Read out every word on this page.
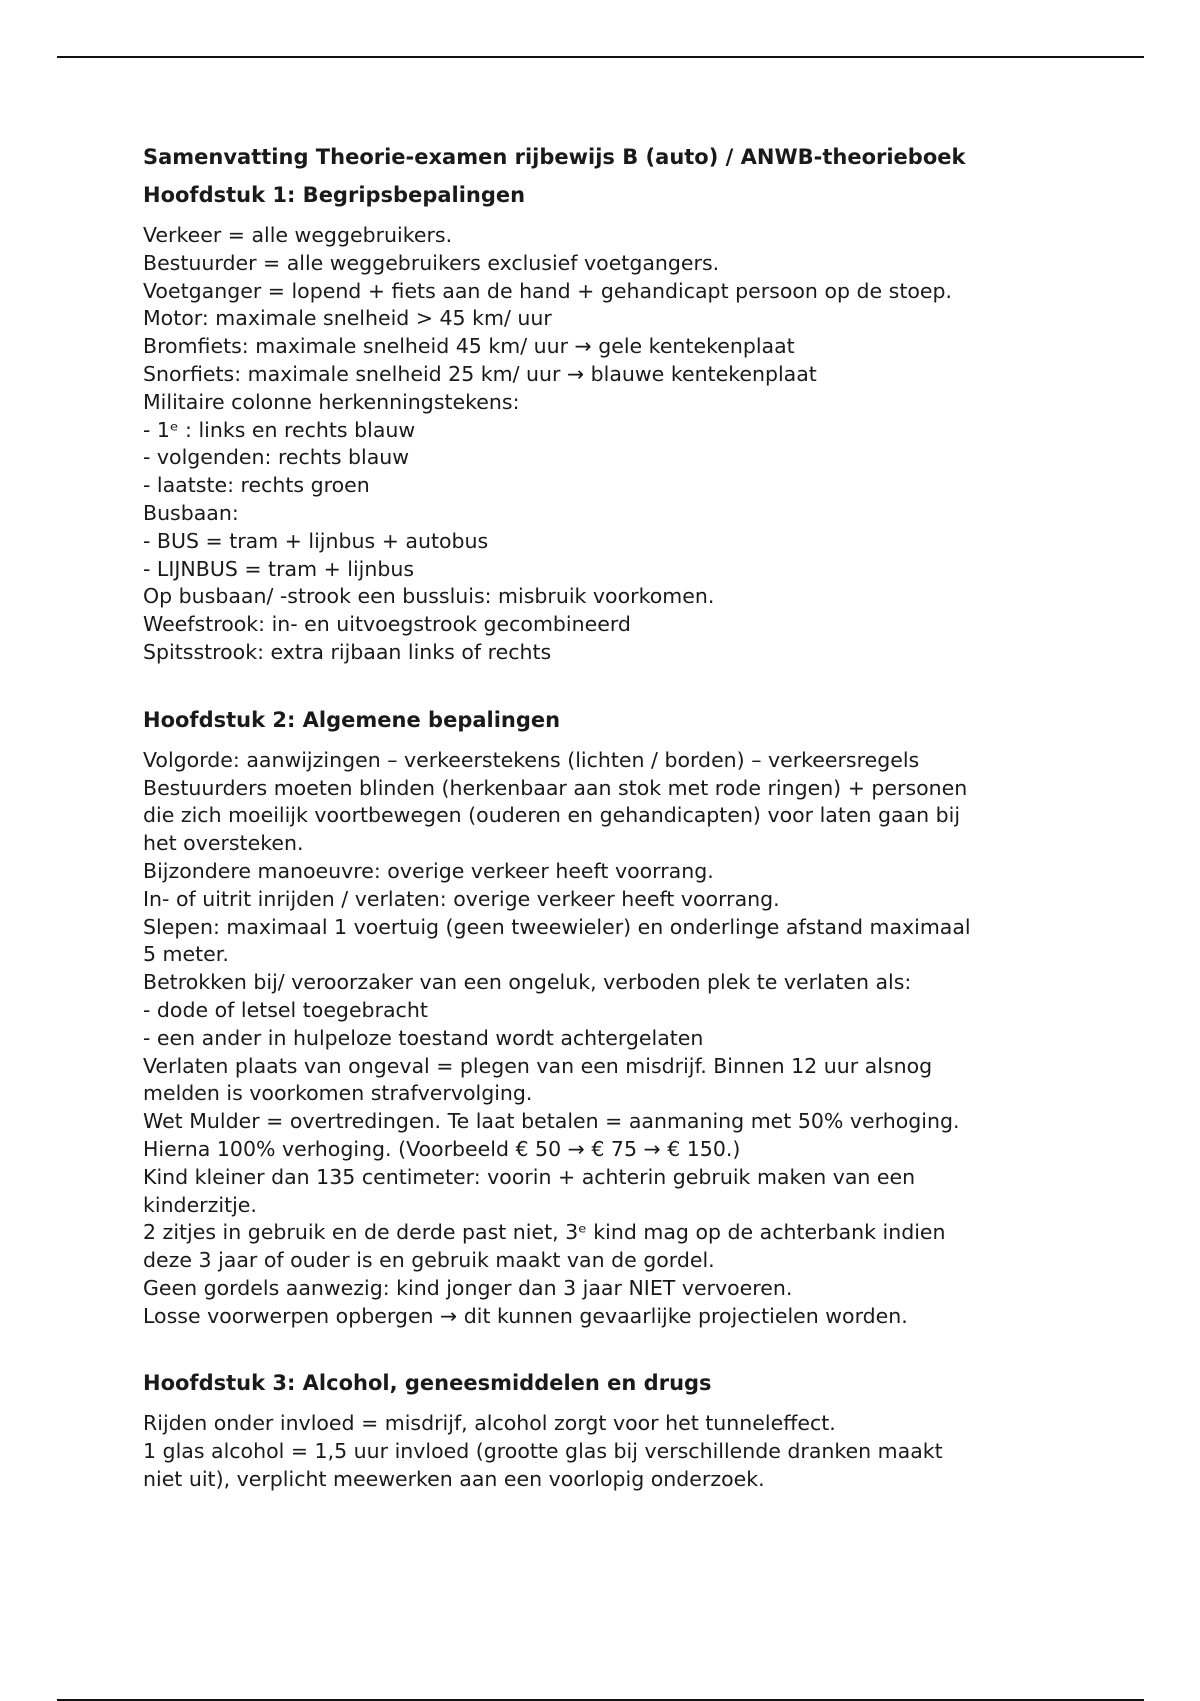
Samenvatting Theorie-examen rijbewijs B (auto) / ANWB-theorieboek

Hoofdstuk 1: Begripsbepalingen
Verkeer = alle weggebruikers.
Bestuurder = alle weggebruikers exclusief voetgangers.
Voetganger = lopend + fiets aan de hand + gehandicapt persoon op de stoep.
Motor: maximale snelheid > 45 km/ uur
Bromfiets: maximale snelheid 45 km/ uur → gele kentekenplaat
Snorfiets: maximale snelheid 25 km/ uur → blauwe kentekenplaat
Militaire colonne herkenningstekens:
- 1ᵉ : links en rechts blauw
- volgenden: rechts blauw
- laatste: rechts groen
Busbaan:
- BUS = tram + lijnbus + autobus
- LIJNBUS = tram + lijnbus
Op busbaan/ -strook een bussluis: misbruik voorkomen.
Weefstrook: in- en uitvoegstrook gecombineerd
Spitsstrook: extra rijbaan links of rechts
Hoofdstuk 2: Algemene bepalingen
Volgorde: aanwijzingen – verkeerstekens (lichten / borden) – verkeersregels
Bestuurders moeten blinden (herkenbaar aan stok met rode ringen) + personen
die zich moeilijk voortbewegen (ouderen en gehandicapten) voor laten gaan bij
het oversteken.
Bijzondere manoeuvre: overige verkeer heeft voorrang.
In- of uitrit inrijden / verlaten: overige verkeer heeft voorrang.
Slepen: maximaal 1 voertuig (geen tweewieler) en onderlinge afstand maximaal
5 meter.
Betrokken bij/ veroorzaker van een ongeluk, verboden plek te verlaten als:
- dode of letsel toegebracht
- een ander in hulpeloze toestand wordt achtergelaten
Verlaten plaats van ongeval = plegen van een misdrijf. Binnen 12 uur alsnog
melden is voorkomen strafvervolging.
Wet Mulder = overtredingen. Te laat betalen = aanmaning met 50% verhoging.
Hierna 100% verhoging. (Voorbeeld € 50 → € 75 → € 150.)
Kind kleiner dan 135 centimeter: voorin + achterin gebruik maken van een
kinderzitje.
2 zitjes in gebruik en de derde past niet, 3ᵉ kind mag op de achterbank indien
deze 3 jaar of ouder is en gebruik maakt van de gordel.
Geen gordels aanwezig: kind jonger dan 3 jaar NIET vervoeren.
Losse voorwerpen opbergen → dit kunnen gevaarlijke projectielen worden.
Hoofdstuk 3: Alcohol, geneesmiddelen en drugs
Rijden onder invloed = misdrijf, alcohol zorgt voor het tunneleffect.
1 glas alcohol = 1,5 uur invloed (grootte glas bij verschillende dranken maakt
niet uit), verplicht meewerken aan een voorlopig onderzoek.
